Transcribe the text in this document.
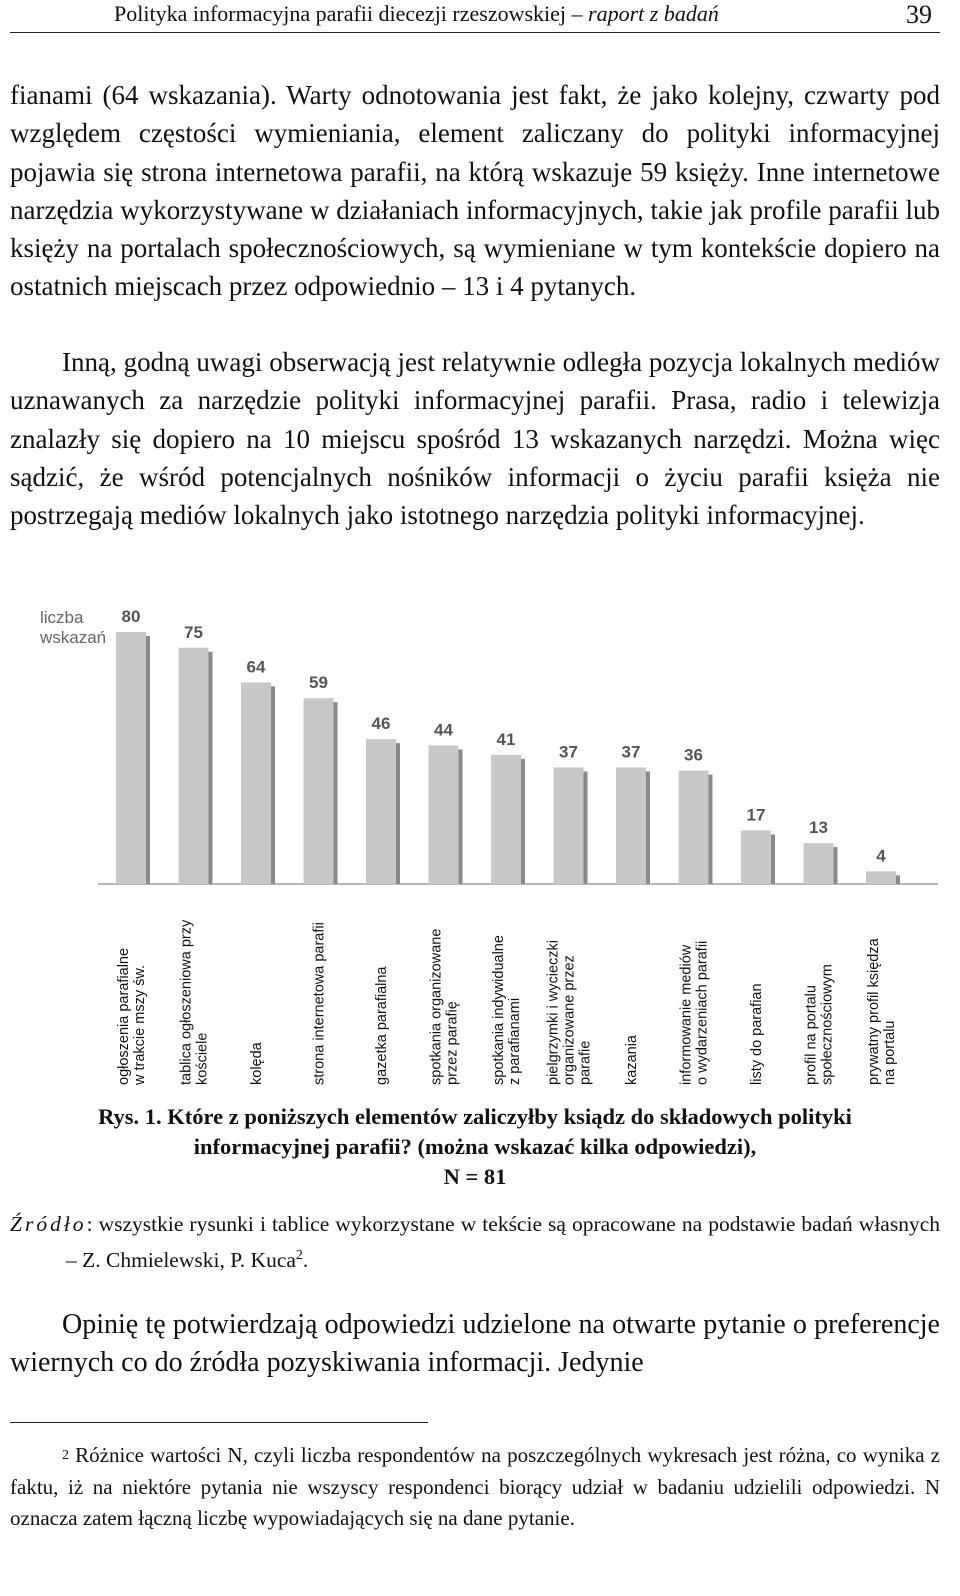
Polityka informacyjna parafii diecezji rzeszowskiej – raport z badań	39

fianami (64 wskazania). Warty odnotowania jest fakt, że jako kolejny, czwarty pod względem częstości wymieniania, element zaliczany do polityki informacyjnej pojawia się strona internetowa parafii, na którą wskazuje 59 księży. Inne internetowe narzędzia wykorzystywane w działaniach informacyjnych, takie jak profile parafii lub księży na portalach społecznościowych, są wymieniane w tym kontekście dopiero na ostatnich miejscach przez odpowiednio – 13 i 4 pytanych.

Inną, godną uwagi obserwacją jest relatywnie odległa pozycja lokalnych mediów uznawanych za narzędzie polityki informacyjnej parafii. Prasa, radio i telewizja znalazły się dopiero na 10 miejscu spośród 13 wskazanych narzędzi. Można więc sądzić, że wśród potencjalnych nośników informacji o życiu parafii księża nie postrzegają mediów lokalnych jako istotnego narzędzia polityki informacyjnej.

liczba
wskazań
80
75
64
59
46	44	41
37	37	36
17
13
4
ogłoszenia parafialne w trakcie mszy św. tablica ogłoszeniowa przy kościele	kolęda	strona internetowa parafii	gazetka parafialna	spotkania organizowane przez parafię spotkania indywidualne z parafianami pielgrzymki i wycieczki organizowane przez parafie kazania	informowanie mediów o wydarzeniach parafii	listy do parafian	profil na portalu społecznościowym prywatny profil księdza na portalu
Rys. 1. Które z poniższych elementów zaliczyłby ksiądz do składowych polityki
informacyjnej parafii? (można wskazać kilka odpowiedzi),
N = 81
Źródło: wszystkie rysunki i tablice wykorzystane w tekście są opracowane na podstawie badań własnych – Z. Chmielewski, P. Kuca$^2$.

Opinię tę potwierdzają odpowiedzi udzielone na otwarte pytanie o preferencje wiernych co do źródła pozyskiwania informacji. Jedynie

$^2$ Różnice wartości N, czyli liczba respondentów na poszczególnych wykresach jest różna, co wynika z faktu, iż na niektóre pytania nie wszyscy respondenci biorący udział w badaniu udzielili odpowiedzi. N oznacza zatem łączną liczbę wypowiadających się na dane pytanie.
